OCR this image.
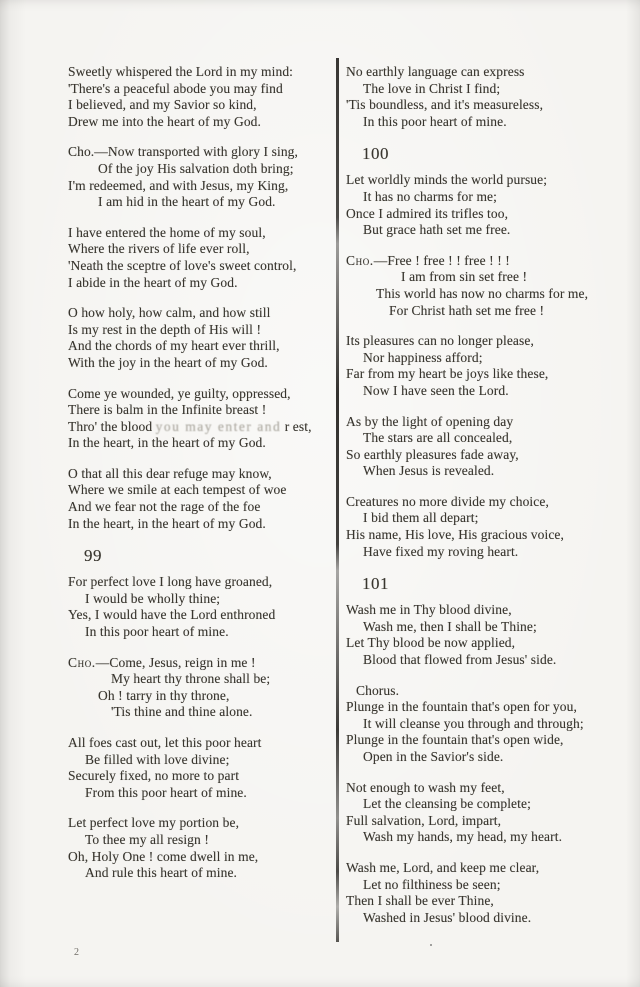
Sweetly whispered the Lord in my mind:
'There's a peaceful abode you may find
I believed, and my Savior so kind,
Drew me into the heart of my God.
Cho.—Now transported with glory I sing,
Of the joy His salvation doth bring;
I'm redeemed, and with Jesus, my King,
I am hid in the heart of my God.
I have entered the home of my soul,
Where the rivers of life ever roll,
'Neath the sceptre of love's sweet control,
I abide in the heart of my God.
O how holy, how calm, and how still
Is my rest in the depth of His will !
And the chords of my heart ever thrill,
With the joy in the heart of my God.
Come ye wounded, ye guilty, oppressed,
There is balm in the Infinite breast !
Thro' the blood you may enter and r est,
In the heart, in the heart of my God.
O that all this dear refuge may know,
Where we smile at each tempest of woe
And we fear not the rage of the foe
In the heart, in the heart of my God.
99
For perfect love I long have groaned,
I would be wholly thine;
Yes, I would have the Lord enthroned
In this poor heart of mine.
Cho.—Come, Jesus, reign in me !
My heart thy throne shall be;
Oh ! tarry in thy throne,
'Tis thine and thine alone.
All foes cast out, let this poor heart
Be filled with love divine;
Securely fixed, no more to part
From this poor heart of mine.
Let perfect love my portion be,
To thee my all resign !
Oh, Holy One ! come dwell in me,
And rule this heart of mine.
No earthly language can express
The love in Christ I find;
'Tis boundless, and it's measureless,
In this poor heart of mine.
100
Let worldly minds the world pursue;
It has no charms for me;
Once I admired its trifles too,
But grace hath set me free.
Cho.—Free ! free ! ! free ! ! !
I am from sin set free !
This world has now no charms for me,
For Christ hath set me free !
Its pleasures can no longer please,
Nor happiness afford;
Far from my heart be joys like these,
Now I have seen the Lord.
As by the light of opening day
The stars are all concealed,
So earthly pleasures fade away,
When Jesus is revealed.
Creatures no more divide my choice,
I bid them all depart;
His name, His love, His gracious voice,
Have fixed my roving heart.
101
Wash me in Thy blood divine,
Wash me, then I shall be Thine;
Let Thy blood be now applied,
Blood that flowed from Jesus' side.
Chorus.
Plunge in the fountain that's open for you,
It will cleanse you through and through;
Plunge in the fountain that's open wide,
Open in the Savior's side.
Not enough to wash my feet,
Let the cleansing be complete;
Full salvation, Lord, impart,
Wash my hands, my head, my heart.
Wash me, Lord, and keep me clear,
Let no filthiness be seen;
Then I shall be ever Thine,
Washed in Jesus' blood divine.
2
